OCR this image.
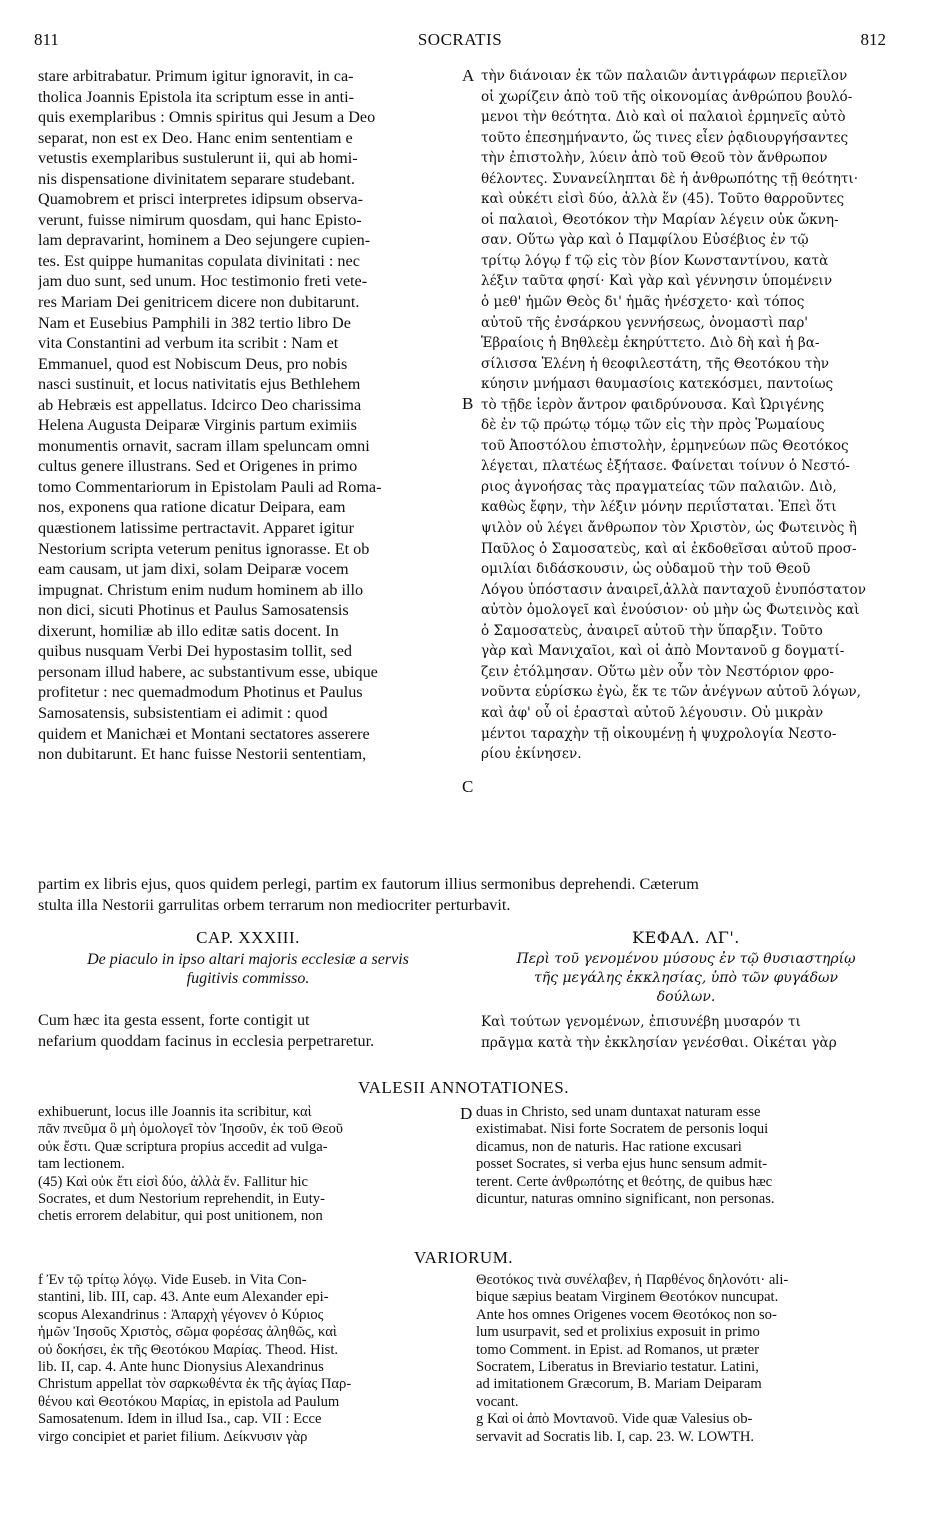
811	SOCRATIS	812
A
B
C
D
stare arbitrabatur. Primum igitur ignoravit, in ca-
tholica Joannis Epistola ita scriptum esse in anti-
quis exemplaribus : Omnis spiritus qui Jesum a Deo
separat, non est ex Deo. Hanc enim sententiam e
vetustis exemplaribus sustulerunt ii, qui ab homi-
nis dispensatione divinitatem separare studebant.
Quamobrem et prisci interpretes idipsum observa-
verunt, fuisse nimirum quosdam, qui hanc Episto-
lam depravarint, hominem a Deo sejungere cupien-
tes. Est quippe humanitas copulata divinitati : nec
jam duo sunt, sed unum. Hoc testimonio freti vete-
res Mariam Dei genitricem dicere non dubitarunt.
Nam et Eusebius Pamphili in 382 tertio libro De
vita Constantini ad verbum ita scribit : Nam et
Emmanuel, quod est Nobiscum Deus, pro nobis
nasci sustinuit, et locus nativitatis ejus Bethlehem
ab Hebræis est appellatus. Idcirco Deo charissima
Helena Augusta Deiparæ Virginis partum eximiis
monumentis ornavit, sacram illam speluncam omni
cultus genere illustrans. Sed et Origenes in primo
tomo Commentariorum in Epistolam Pauli ad Roma-
nos, exponens qua ratione dicatur Deipara, eam
quæstionem latissime pertractavit. Apparet igitur
Nestorium scripta veterum penitus ignorasse. Et ob
eam causam, ut jam dixi, solam Deiparæ vocem
impugnat. Christum enim nudum hominem ab illo
non dici, sicuti Photinus et Paulus Samosatensis
dixerunt, homiliæ ab illo editæ satis docent. In
quibus nusquam Verbi Dei hypostasim tollit, sed
personam illud habere, ac substantivum esse, ubique
profitetur : nec quemadmodum Photinus et Paulus
Samosatensis, subsistentiam ei adimit : quod
quidem et Manichæi et Montani sectatores asserere
non dubitarunt. Et hanc fuisse Nestorii sententiam,
τὴν διάνοιαν ἐκ τῶν παλαιῶν ἀντιγράφων περιεῖλον
οἱ χωρίζειν ἀπὸ τοῦ τῆς οἰκονομίας ἀνθρώπου βουλό-
μενοι τὴν θεότητα. Διὸ καὶ οἱ παλαιοὶ ἑρμηνεῖς αὐτὸ
τοῦτο ἐπεσημήναντο, ὥς τινες εἶεν ῥᾳδιουργήσαντες
τὴν ἐπιστολὴν, λύειν ἀπὸ τοῦ Θεοῦ τὸν ἄνθρωπον
θέλοντες. Συνανείληπται δὲ ἡ ἀνθρωπότης τῇ θεότητι·
καὶ οὐκέτι εἰσὶ δύο, ἀλλὰ ἕν (45). Τοῦτο θαρροῦντες
οἱ παλαιοὶ, Θεοτόκον τὴν Μαρίαν λέγειν οὐκ ὤκνη-
σαν. Οὕτω γὰρ καὶ ὁ Παμφίλου Εὐσέβιος ἐν τῷ
τρίτῳ λόγῳ f τῷ εἰς τὸν βίον Κωνσταντίνου, κατὰ
λέξιν ταῦτα φησί· Καὶ γὰρ καὶ γέννησιν ὑπομένειν
ὁ μεθ' ἡμῶν Θεὸς δι' ἡμᾶς ἠνέσχετο· καὶ τόπος
αὐτοῦ τῆς ἐνσάρκου γεννήσεως, ὀνομαστὶ παρ'
Ἑβραίοις ἡ Βηθλεὲμ ἐκηρύττετο. Διὸ δὴ καὶ ἡ βα-
σίλισσα Ἑλένη ἡ θεοφιλεστάτη, τῆς Θεοτόκου τὴν
κύησιν μνήμασι θαυμασίοις κατεκόσμει, παντοίως
τὸ τῇδε ἱερὸν ἄντρον φαιδρύνουσα. Καὶ Ὠριγένης
δὲ ἐν τῷ πρώτῳ τόμῳ τῶν εἰς τὴν πρὸς Ῥωμαίους
τοῦ Ἀποστόλου ἐπιστολὴν, ἑρμηνεύων πῶς Θεοτόκος
λέγεται, πλατέως ἐξήτασε. Φαίνεται τοίνυν ὁ Νεστό-
ριος ἀγνοήσας τὰς πραγματείας τῶν παλαιῶν. Διὸ,
καθὼς ἔφην, τὴν λέξιν μόνην περιΐσταται. Ἐπεὶ ὅτι
ψιλὸν οὐ λέγει ἄνθρωπον τὸν Χριστὸν, ὡς Φωτεινὸς ἢ
Παῦλος ὁ Σαμοσατεὺς, καὶ αἱ ἐκδοθεῖσαι αὐτοῦ προσ-
ομιλίαι διδάσκουσιν, ὡς οὐδαμοῦ τὴν τοῦ Θεοῦ
Λόγου ὑπόστασιν ἀναιρεῖ,ἀλλὰ πανταχοῦ ἐνυπόστατον
αὐτὸν ὁμολογεῖ καὶ ἐνούσιον· οὐ μὴν ὡς Φωτεινὸς καὶ
ὁ Σαμοσατεὺς, ἀναιρεῖ αὐτοῦ τὴν ὕπαρξιν. Τοῦτο
γὰρ καὶ Μανιχαῖοι, καὶ οἱ ἀπὸ Μοντανοῦ g δογματί-
ζειν ἐτόλμησαν. Οὕτω μὲν οὖν τὸν Νεστόριον φρο-
νοῦντα εὑρίσκω ἐγὼ, ἔκ τε τῶν ἀνέγνων αὐτοῦ λόγων,
καὶ ἀφ' οὗ οἱ ἐρασταὶ αὐτοῦ λέγουσιν. Οὐ μικρὰν
μέντοι ταραχὴν τῇ οἰκουμένῃ ἡ ψυχρολογία Νεστο-
ρίου ἐκίνησεν.
partim ex libris ejus, quos quidem perlegi, partim ex fautorum illius sermonibus deprehendi. Cæterum
stulta illa Nestorii garrulitas orbem terrarum non mediocriter perturbavit.
CAP. XXXIII.
De piaculo in ipso altari majoris ecclesiæ a servis
fugitivis commisso.
Cum hæc ita gesta essent, forte contigit ut
nefarium quoddam facinus in ecclesia perpetraretur.
ΚΕΦΑΛ. ΛΓ'.
Περὶ τοῦ γενομένου μύσους ἐν τῷ θυσιαστηρίῳ
τῆς μεγάλης ἐκκλησίας, ὑπὸ τῶν φυγάδων
δούλων.
Καὶ τούτων γενομένων, ἐπισυνέβη μυσαρόν τι
πρᾶγμα κατὰ τὴν ἐκκλησίαν γενέσθαι. Οἰκέται γὰρ
VALESII ANNOTATIONES.
exhibuerunt, locus ille Joannis ita scribitur, καὶ
πᾶν πνεῦμα ὃ μὴ ὁμολογεῖ τὸν Ἰησοῦν, ἐκ τοῦ Θεοῦ
οὐκ ἔστι. Quæ scriptura propius accedit ad vulga-
tam lectionem.
(45) Καὶ οὐκ ἔτι εἰσὶ δύο, ἀλλὰ ἕν. Fallitur hic
Socrates, et dum Nestorium reprehendit, in Euty-
chetis errorem delabitur, qui post unitionem, non
duas in Christo, sed unam duntaxat naturam esse
existimabat. Nisi forte Socratem de personis loqui
dicamus, non de naturis. Hac ratione excusari
posset Socrates, si verba ejus hunc sensum admit-
terent. Certe ἀνθρωπότης et θεότης, de quibus hæc
dicuntur, naturas omnino significant, non personas.
VARIORUM.
f Ἐν τῷ τρίτῳ λόγῳ. Vide Euseb. in Vita Con-
stantini, lib. III, cap. 43. Ante eum Alexander epi-
scopus Alexandrinus : Ἀπαρχὴ γέγονεν ὁ Κύριος
ἡμῶν Ἰησοῦς Χριστὸς, σῶμα φορέσας ἀληθῶς, καὶ
οὐ δοκήσει, ἐκ τῆς Θεοτόκου Μαρίας. Theod. Hist.
lib. II, cap. 4. Ante hunc Dionysius Alexandrinus
Christum appellat τὸν σαρκωθέντα ἐκ τῆς ἁγίας Παρ-
θένου καὶ Θεοτόκου Μαρίας, in epistola ad Paulum
Samosatenum. Idem in illud Isa., cap. VII : Ecce
virgo concipiet et pariet filium. Δείκνυσιν γὰρ
Θεοτόκος τινὰ συνέλαβεν, ἡ Παρθένος δηλονότι· ali-
bique sæpius beatam Virginem Θεοτόκον nuncupat.
Ante hos omnes Origenes vocem Θεοτόκος non so-
lum usurpavit, sed et prolixius exposuit in primo
tomo Comment. in Epist. ad Romanos, ut præter
Socratem, Liberatus in Breviario testatur. Latini,
ad imitationem Græcorum, B. Mariam Deiparam
vocant.
g Καὶ οἱ ἀπὸ Μοντανοῦ. Vide quæ Valesius ob-
servavit ad Socratis lib. I, cap. 23. W. LOWTH.
